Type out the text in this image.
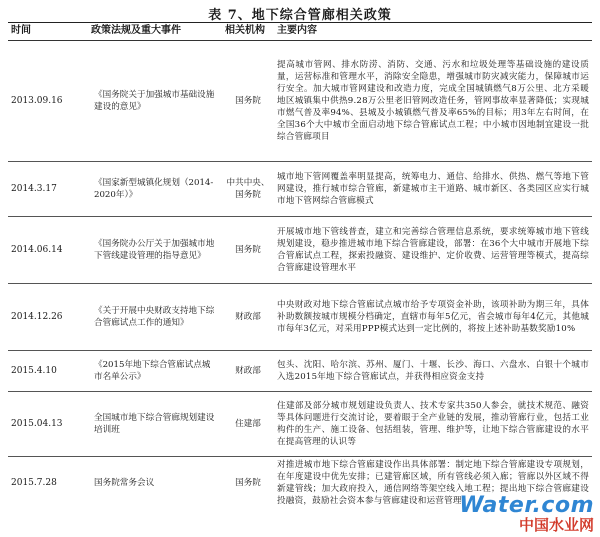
表 7、地下综合管廊相关政策
时间	政策法规及重大事件	相关机构	主要内容
2013.09.16	《国务院关于加强城市基础设施建设的意见》	国务院	提高城市管网、排水防涝、消防、交通、污水和垃圾处理等基础设施的建设质量，运营标准和管理水平，消除安全隐患，增强城市防灾减灾能力，保障城市运行安全。加大城市管网建设和改造力度，完成全国城镇燃气8万公里、北方采暖地区城镇集中供热9.28万公里老旧管网改造任务，管网事故率显著降低；实现城市燃气普及率94%、县城及小城镇燃气普及率65%的目标；用3年左右时间，在全国36个大中城市全面启动地下综合管廊试点工程；中小城市因地制宜建设一批综合管廊项目
2014.3.17	《国家新型城镇化规划（2014-2020年）》	中共中央、国务院	城市地下管网覆盖率明显提高，统筹电力、通信、给排水、供热、燃气等地下管网建设，推行城市综合管廊，新建城市主干道路、城市新区、各类园区应实行城市地下管网综合管廊模式
2014.06.14	《国务院办公厅关于加强城市地下管线建设管理的指导意见》	国务院	开展城市地下管线普查，建立和完善综合管理信息系统，要求统筹城市地下管线规划建设，稳步推进城市地下综合管廊建设，部署：在36个大中城市开展地下综合管廊试点工程，探索投融资、建设维护、定价收费、运营管理等模式，提高综合管廊建设管理水平
2014.12.26	《关于开展中央财政支持地下综合管廊试点工作的通知》	财政部	中央财政对地下综合管廊试点城市给予专项资金补助，该项补助为期三年，具体补助数额按城市规模分档确定，直辖市每年5亿元，省会城市每年4亿元，其他城市每年3亿元，对采用PPP模式达到一定比例的，将按上述补助基数奖励10%
2015.4.10	《2015年地下综合管廊试点城市名单公示》	财政部	包头、沈阳、哈尔滨、苏州、厦门、十堰、长沙、海口、六盘水、白银十个城市入选2015年地下综合管廊试点，并获得相应资金支持
2015.04.13	全国城市地下综合管廊规划建设培训班	住建部	住建部及部分城市规划建设负责人、技术专家共350人参会，就技术规范、融资等具体问题进行交流讨论，要着眼于全产业链的发展，推动管廊行业，包括工业构件的生产、施工设备、包括组装，管理、维护等，让地下综合管廊建设的水平在提高管理的认识等
2015.7.28	国务院常务会议	国务院	对推进城市地下综合管廊建设作出具体部署：制定地下综合管廊建设专项规划，在年度建设中优先安排；已建管廊区域，所有管线必须入廊；管廊以外区域不得新建管线；加大政府投入，通信网络等架空线入地工程；提出地下综合管廊建设投融资，鼓励社会资本参与管廊建设和运营管理
Water.com
中国水业网
